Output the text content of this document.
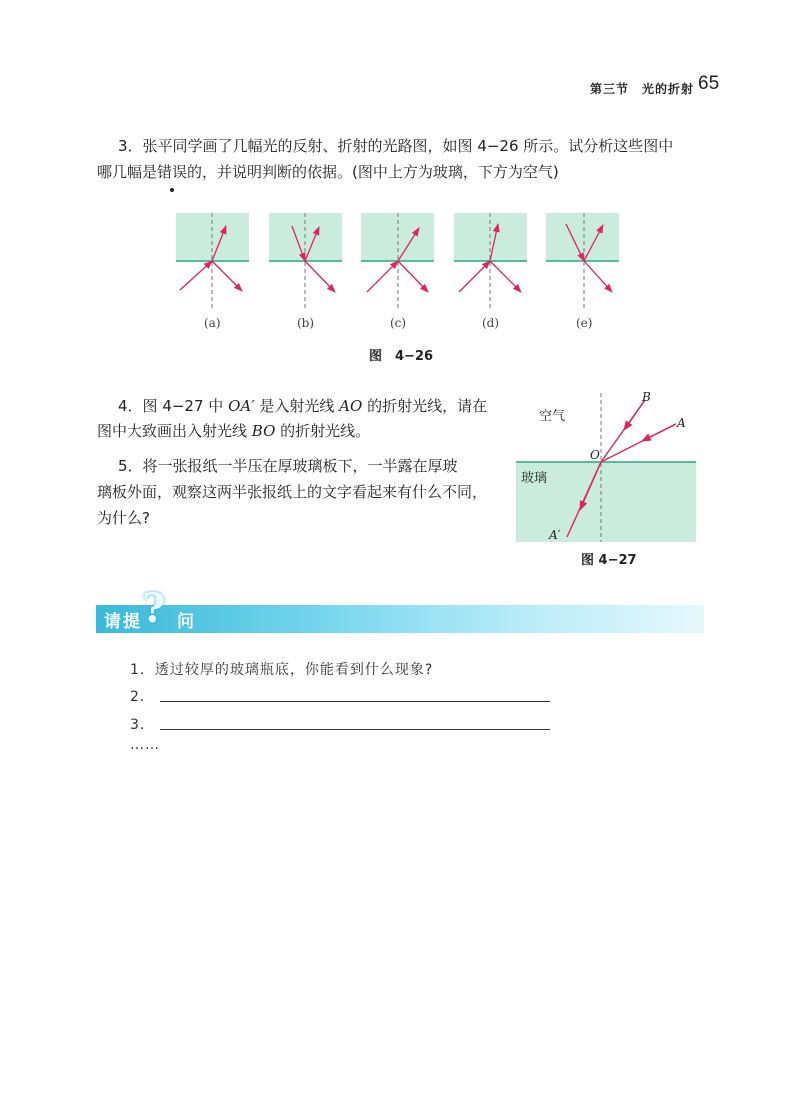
第三节　光的折射 65
3．张平同学画了几幅光的反射、折射的光路图，如图 4−26 所示。试分析这些图中
哪几幅是错误的，并说明判断的依据。(图中上方为玻璃，下方为空气)
(a)	(b)	(c)	(d)	(e)
图　4−26
4．图 4−27 中 OA′ 是入射光线 AO 的折射光线，请在
图中大致画出入射光线 BO 的折射光线。
5．将一张报纸一半压在厚玻璃板下，一半露在厚玻
璃板外面，观察这两半张报纸上的文字看起来有什么不同，
为什么?
空气
玻璃
O
A
B
A′
图 4−27
请提 ? 问
1．透过较厚的玻璃瓶底，你能看到什么现象?
2．
3．
……
